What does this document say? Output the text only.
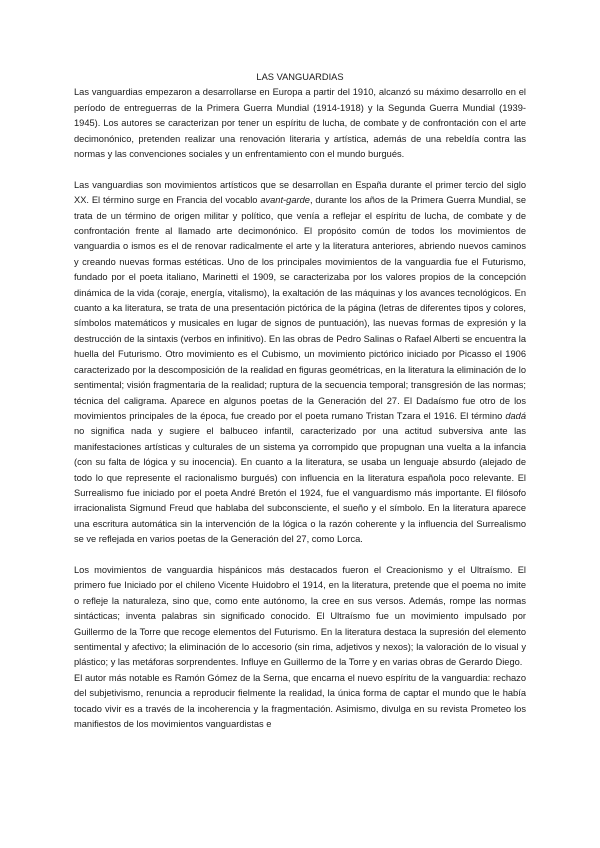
LAS VANGUARDIAS

Las vanguardias empezaron a desarrollarse en Europa a partir del 1910, alcanzó su máximo desarrollo en el período de entreguerras de la Primera Guerra Mundial (1914-1918) y la Segunda Guerra Mundial (1939-1945). Los autores se caracterizan por tener un espíritu de lucha, de combate y de confrontación con el arte decimonónico, pretenden realizar una renovación literaria y artística, además de una rebeldía contra las normas y las convenciones sociales y un enfrentamiento con el mundo burgués.

Las vanguardias son movimientos artísticos que se desarrollan en España durante el primer tercio del siglo XX. El término surge en Francia del vocablo avant-garde, durante los años de la Primera Guerra Mundial, se trata de un término de origen militar y político, que venía a reflejar el espíritu de lucha, de combate y de confrontación frente al llamado arte decimonónico. El propósito común de todos los movimientos de vanguardia o ismos es el de renovar radicalmente el arte y la literatura anteriores, abriendo nuevos caminos y creando nuevas formas estéticas. Uno de los principales movimientos de la vanguardia fue el Futurismo, fundado por el poeta italiano, Marinetti el 1909, se caracterizaba por los valores propios de la concepción dinámica de la vida (coraje, energía, vitalismo), la exaltación de las máquinas y los avances tecnológicos. En cuanto a ka literatura, se trata de una presentación pictórica de la página (letras de diferentes tipos y colores, símbolos matemáticos y musicales en lugar de signos de puntuación), las nuevas formas de expresión y la destrucción de la sintaxis (verbos en infinitivo). En las obras de Pedro Salinas o Rafael Alberti se encuentra la huella del Futurismo. Otro movimiento es el Cubismo, un movimiento pictórico iniciado por Picasso el 1906 caracterizado por la descomposición de la realidad en figuras geométricas, en la literatura la eliminación de lo sentimental; visión fragmentaria de la realidad; ruptura de la secuencia temporal; transgresión de las normas; técnica del caligrama. Aparece en algunos poetas de la Generación del 27. El Dadaísmo fue otro de los movimientos principales de la época, fue creado por el poeta rumano Tristan Tzara el 1916. El término dadá no significa nada y sugiere el balbuceo infantil, caracterizado por una actitud subversiva ante las manifestaciones artísticas y culturales de un sistema ya corrompido que propugnan una vuelta a la infancia (con su falta de lógica y su inocencia). En cuanto a la literatura, se usaba un lenguaje absurdo (alejado de todo lo que represente el racionalismo burgués) con influencia en la literatura española poco relevante. El Surrealismo fue iniciado por el poeta André Bretón el 1924, fue el vanguardismo más importante. El filósofo irracionalista Sigmund Freud que hablaba del subconsciente, el sueño y el símbolo. En la literatura aparece una escritura automática sin la intervención de la lógica o la razón coherente y la influencia del Surrealismo se ve reflejada en varios poetas de la Generación del 27, como Lorca.

Los movimientos de vanguardia hispánicos más destacados fueron el Creacionismo y el Ultraísmo. El primero fue Iniciado por el chileno Vicente Huidobro el 1914, en la literatura, pretende que el poema no imite o refleje la naturaleza, sino que, como ente autónomo, la cree en sus versos. Además, rompe las normas sintácticas; inventa palabras sin significado conocido. El Ultraísmo fue un movimiento impulsado por Guillermo de la Torre que recoge elementos del Futurismo. En la literatura destaca la supresión del elemento sentimental y afectivo; la eliminación de lo accesorio (sin rima, adjetivos y nexos); la valoración de lo visual y plástico; y las metáforas sorprendentes. Influye en Guillermo de la Torre y en varias obras de Gerardo Diego.

El autor más notable es Ramón Gómez de la Serna, que encarna el nuevo espíritu de la vanguardia: rechazo del subjetivismo, renuncia a reproducir fielmente la realidad, la única forma de captar el mundo que le había tocado vivir es a través de la incoherencia y la fragmentación. Asimismo, divulga en su revista Prometeo los manifiestos de los movimientos vanguardistas e
